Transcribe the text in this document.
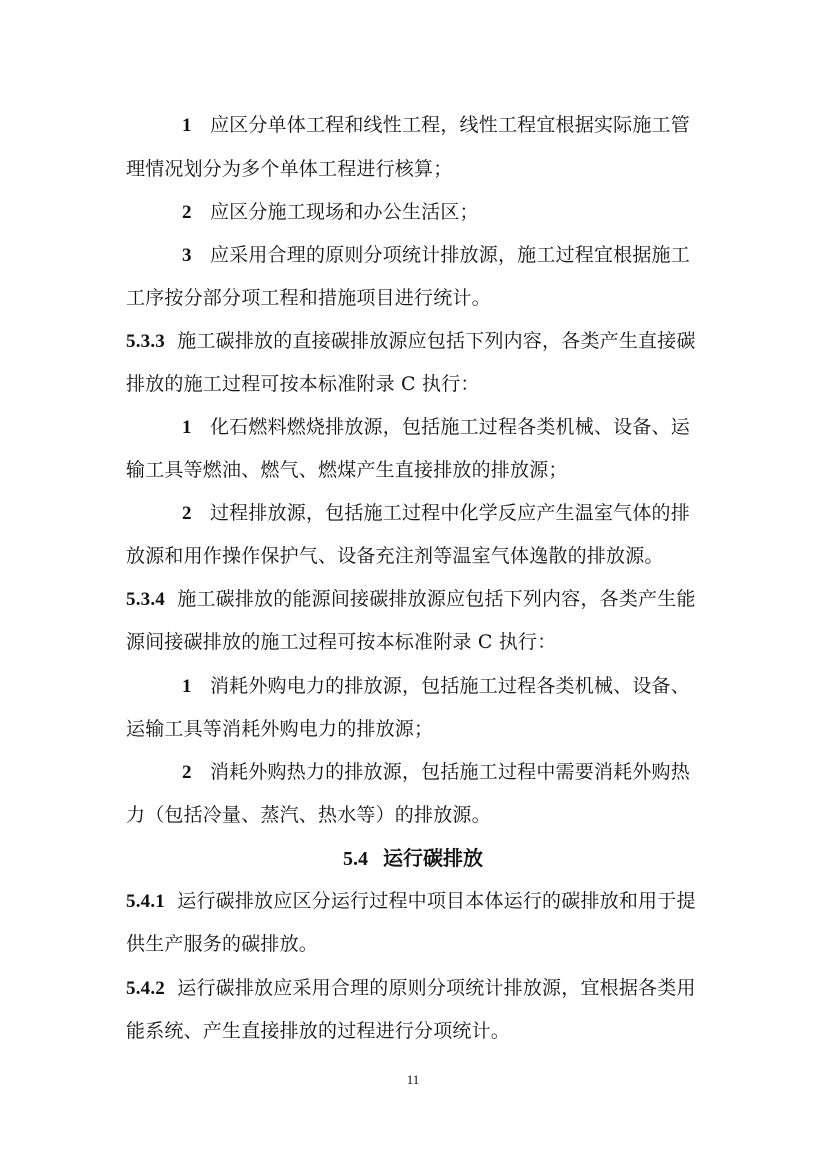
1 应区分单体工程和线性工程，线性工程宜根据实际施工管
理情况划分为多个单体工程进行核算；
2 应区分施工现场和办公生活区；
3 应采用合理的原则分项统计排放源，施工过程宜根据施工
工序按分部分项工程和措施项目进行统计。
5.3.3 施工碳排放的直接碳排放源应包括下列内容，各类产生直接碳
排放的施工过程可按本标准附录 C 执行：
1 化石燃料燃烧排放源，包括施工过程各类机械、设备、运
输工具等燃油、燃气、燃煤产生直接排放的排放源；
2 过程排放源，包括施工过程中化学反应产生温室气体的排
放源和用作操作保护气、设备充注剂等温室气体逸散的排放源。
5.3.4 施工碳排放的能源间接碳排放源应包括下列内容，各类产生能
源间接碳排放的施工过程可按本标准附录 C 执行：
1 消耗外购电力的排放源，包括施工过程各类机械、设备、
运输工具等消耗外购电力的排放源；
2 消耗外购热力的排放源，包括施工过程中需要消耗外购热
力（包括冷量、蒸汽、热水等）的排放源。
5.4 运行碳排放
5.4.1 运行碳排放应区分运行过程中项目本体运行的碳排放和用于提
供生产服务的碳排放。
5.4.2 运行碳排放应采用合理的原则分项统计排放源，宜根据各类用
能系统、产生直接排放的过程进行分项统计。
11
